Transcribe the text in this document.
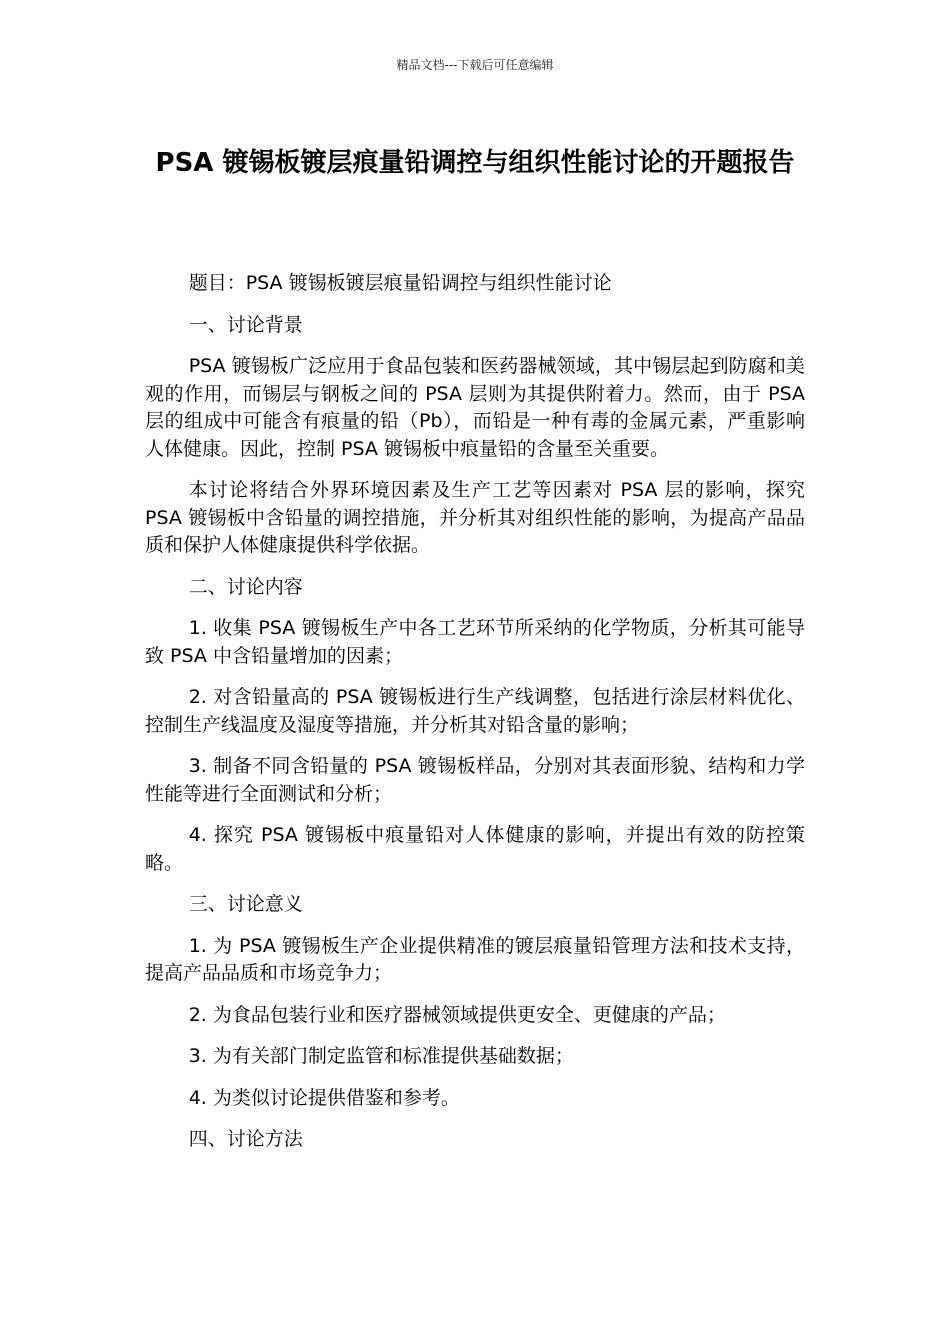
精品文档---下载后可任意编辑
PSA 镀锡板镀层痕量铅调控与组织性能讨论的开题报告

题目：PSA 镀锡板镀层痕量铅调控与组织性能讨论

一、讨论背景

PSA 镀锡板广泛应用于食品包装和医药器械领域，其中锡层起到防腐和美观的作用，而锡层与钢板之间的 PSA 层则为其提供附着力。然而，由于 PSA 层的组成中可能含有痕量的铅（Pb），而铅是一种有毒的金属元素，严重影响人体健康。因此，控制 PSA 镀锡板中痕量铅的含量至关重要。

本讨论将结合外界环境因素及生产工艺等因素对 PSA 层的影响，探究 PSA 镀锡板中含铅量的调控措施，并分析其对组织性能的影响，为提高产品品质和保护人体健康提供科学依据。

二、讨论内容

1. 收集 PSA 镀锡板生产中各工艺环节所采纳的化学物质，分析其可能导致 PSA 中含铅量增加的因素；

2. 对含铅量高的 PSA 镀锡板进行生产线调整，包括进行涂层材料优化、控制生产线温度及湿度等措施，并分析其对铅含量的影响；

3. 制备不同含铅量的 PSA 镀锡板样品，分别对其表面形貌、结构和力学性能等进行全面测试和分析；

4. 探究 PSA 镀锡板中痕量铅对人体健康的影响，并提出有效的防控策略。

三、讨论意义

1. 为 PSA 镀锡板生产企业提供精准的镀层痕量铅管理方法和技术支持，提高产品品质和市场竞争力；

2. 为食品包装行业和医疗器械领域提供更安全、更健康的产品；

3. 为有关部门制定监管和标准提供基础数据；

4. 为类似讨论提供借鉴和参考。

四、讨论方法
